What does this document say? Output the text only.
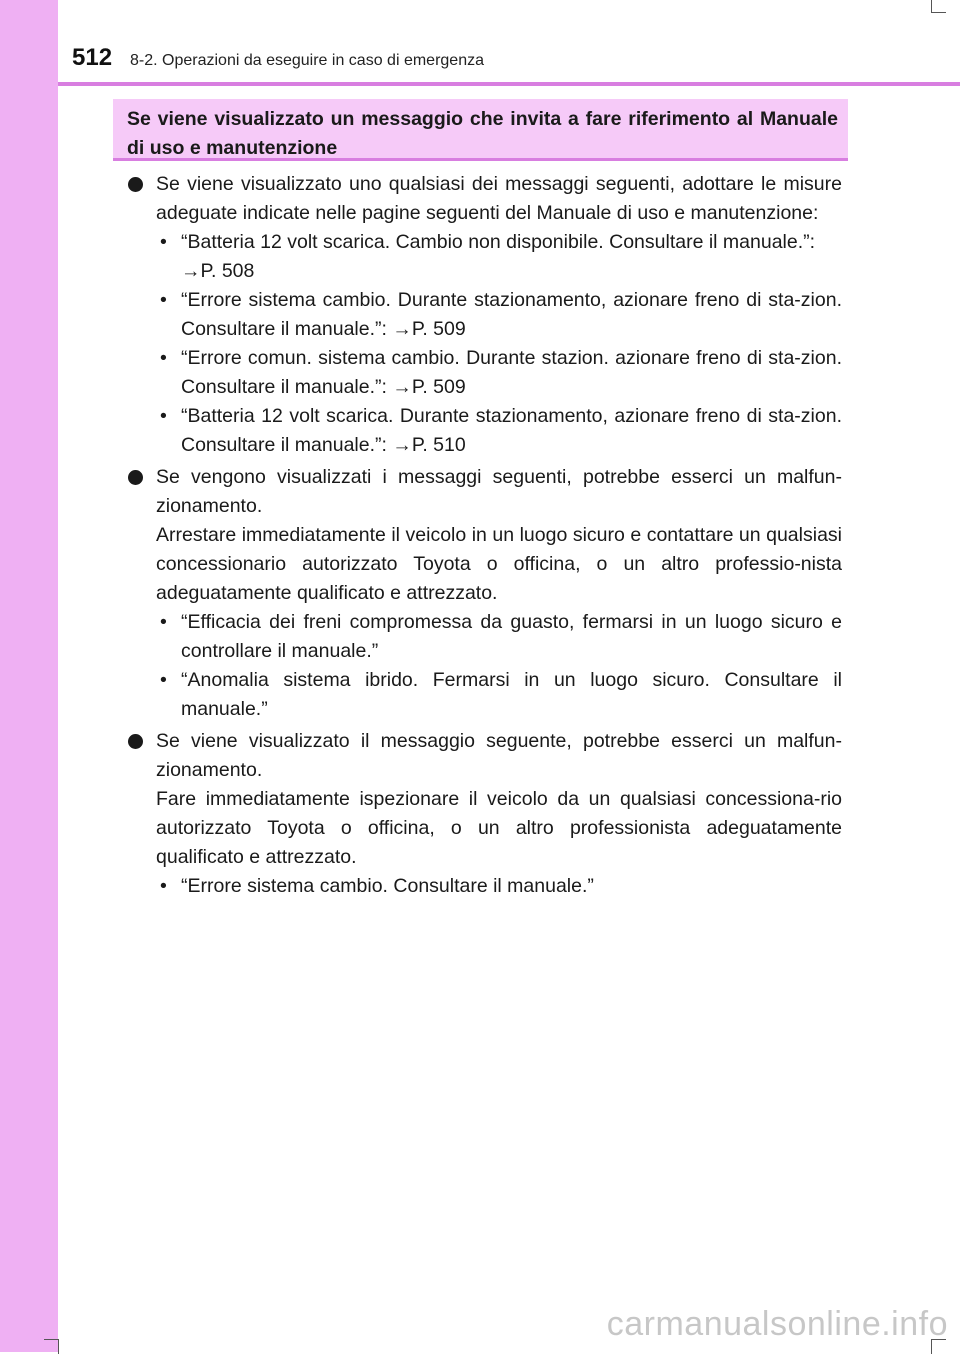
512 8-2. Operazioni da eseguire in caso di emergenza
Se viene visualizzato un messaggio che invita a fare riferimento al Manuale di uso e manutenzione

Se viene visualizzato uno qualsiasi dei messaggi seguenti, adottare le misure adeguate indicate nelle pagine seguenti del Manuale di uso e manutenzione:

• “Batteria 12 volt scarica. Cambio non disponibile. Consultare il manuale.”:
→P. 508
• “Errore sistema cambio. Durante stazionamento, azionare freno di sta-zion. Consultare il manuale.”: →P. 509
• “Errore comun. sistema cambio. Durante stazion. azionare freno di sta-zion. Consultare il manuale.”: →P. 509
• “Batteria 12 volt scarica. Durante stazionamento, azionare freno di sta-zion. Consultare il manuale.”: →P. 510

Se vengono visualizzati i messaggi seguenti, potrebbe esserci un malfun-zionamento.

Arrestare immediatamente il veicolo in un luogo sicuro e contattare un qualsiasi concessionario autorizzato Toyota o officina, o un altro professio-nista adeguatamente qualificato e attrezzato.

• “Efficacia dei freni compromessa da guasto, fermarsi in un luogo sicuro e controllare il manuale.”
• “Anomalia sistema ibrido. Fermarsi in un luogo sicuro. Consultare il manuale.”

Se viene visualizzato il messaggio seguente, potrebbe esserci un malfun-zionamento.

Fare immediatamente ispezionare il veicolo da un qualsiasi concessiona-rio autorizzato Toyota o officina, o un altro professionista adeguatamente qualificato e attrezzato.

• “Errore sistema cambio. Consultare il manuale.”
carmanualsonline.info
